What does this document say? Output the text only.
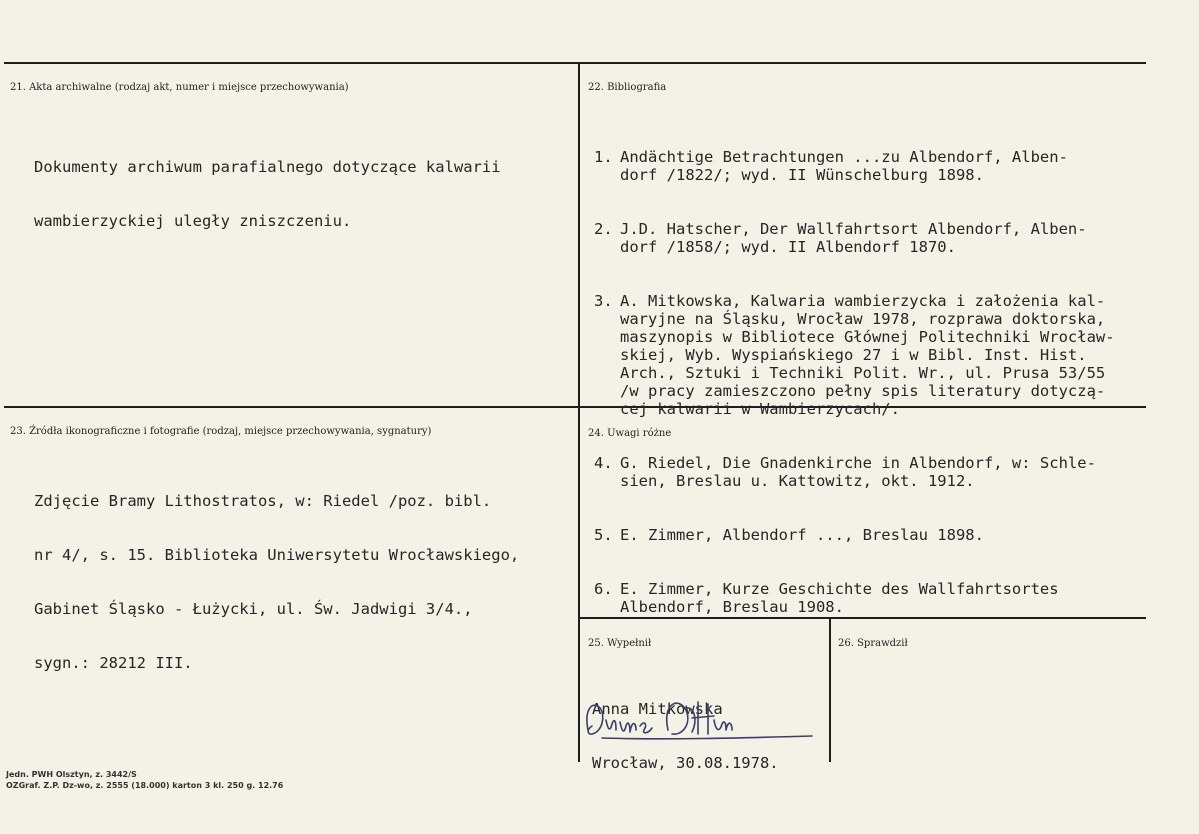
21. Akta archiwalne (rodzaj akt, numer i miejsce przechowywania)

Dokumenty archiwum parafialnego dotyczące kalwarii

wambierzyckiej uległy zniszczeniu.

22. Bibliografia

1. Andächtige Betrachtungen ...zu Albendorf, Alben-
dorf /1822/; wyd. II Wünschelburg 1898.

2. J.D. Hatscher, Der Wallfahrtsort Albendorf, Alben-
dorf /1858/; wyd. II Albendorf 1870.

3. A. Mitkowska, Kalwaria wambierzycka i założenia kal-
waryjne na Śląsku, Wrocław 1978, rozprawa doktorska,
maszynopis w Bibliotece Głównej Politechniki Wrocław-
skiej, Wyb. Wyspiańskiego 27 i w Bibl. Inst. Hist.
Arch., Sztuki i Techniki Polit. Wr., ul. Prusa 53/55
/w pracy zamieszczono pełny spis literatury dotyczą-
cej kalwarii w Wambierzycach/.

4. G. Riedel, Die Gnadenkirche in Albendorf, w: Schle-
sien, Breslau u. Kattowitz, okt. 1912.

5. E. Zimmer, Albendorf ..., Breslau 1898.

6. E. Zimmer, Kurze Geschichte des Wallfahrtsortes
Albendorf, Breslau 1908.

23. Źródła ikonograficzne i fotografie (rodzaj, miejsce przechowywania, sygnatury)

Zdjęcie Bramy Lithostratos, w: Riedel /poz. bibl.

nr 4/, s. 15. Biblioteka Uniwersytetu Wrocławskiego,

Gabinet Śląsko - Łużycki, ul. Św. Jadwigi 3/4.,

sygn.: 28212 III.

24. Uwagi różne
25. Wypełnił

Anna Mitkowska

Wrocław, 30.08.1978.

26. Sprawdził
Jedn. PWH Olsztyn, z. 3442/S
OZGraf. Z.P. Dz-wo, z. 2555 (18.000) karton 3 kl. 250 g. 12.76
